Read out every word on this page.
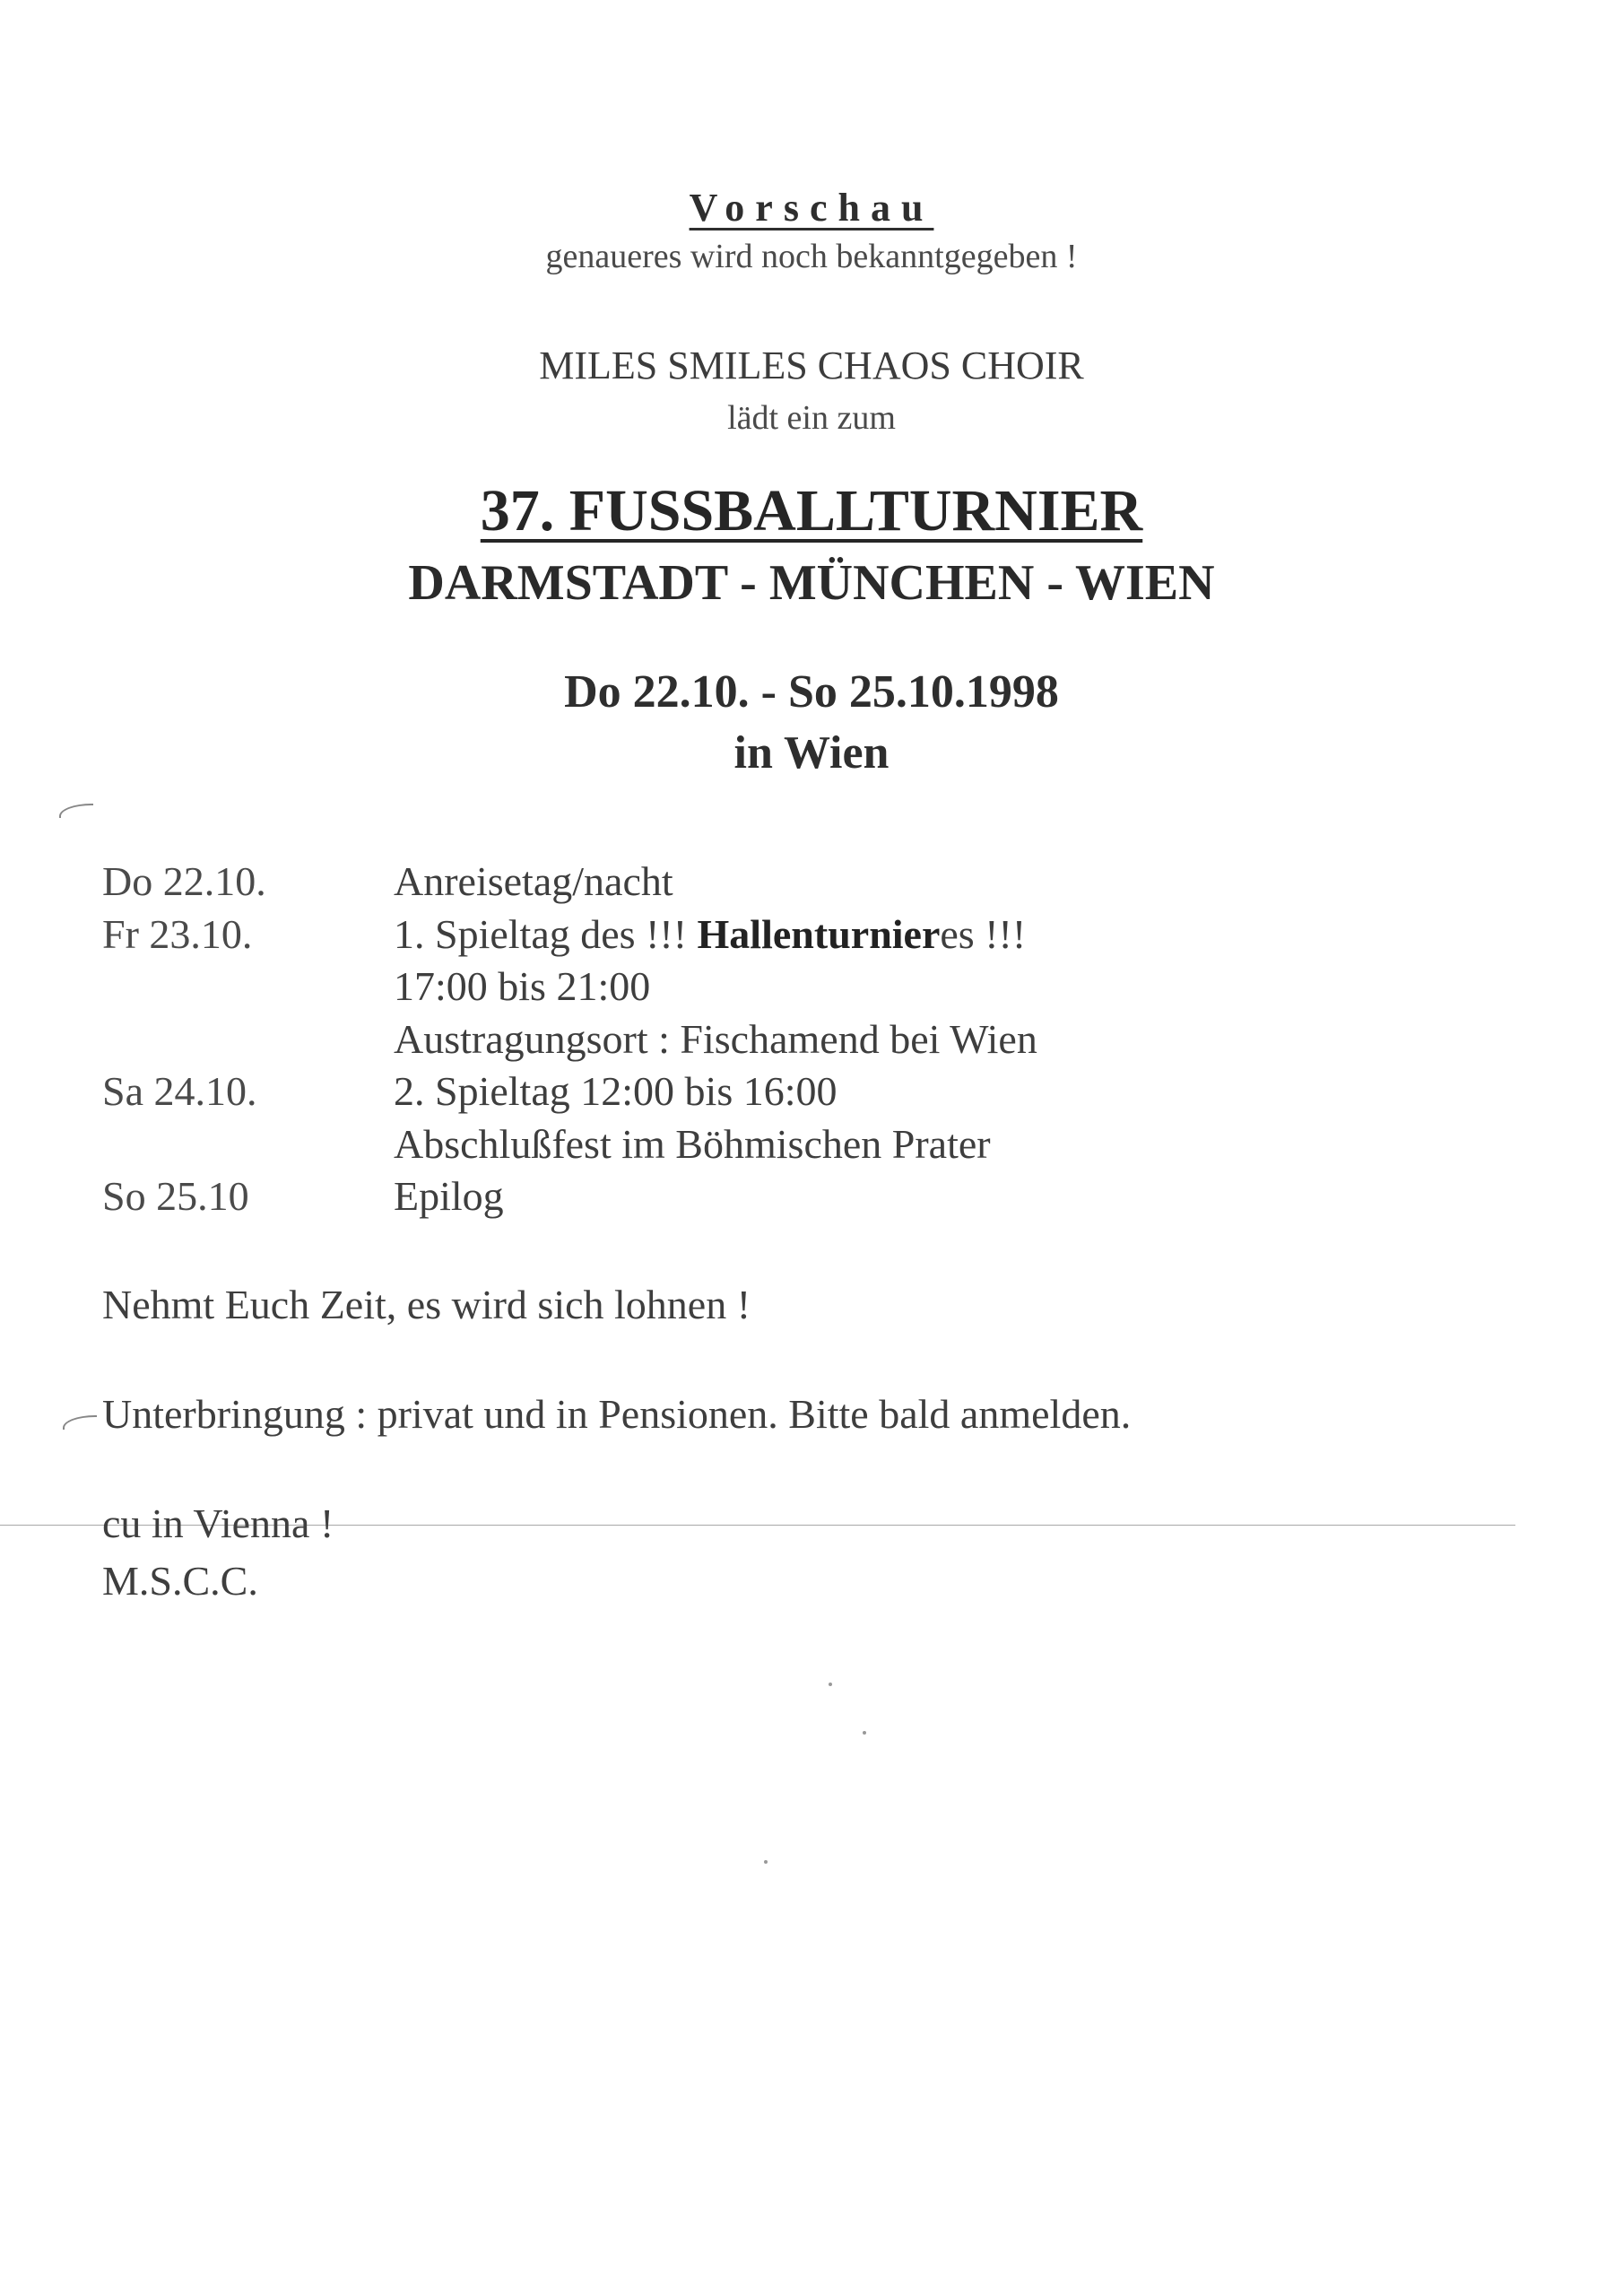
Vorschau
genaueres wird noch bekanntgegeben !
MILES SMILES CHAOS CHOIR
lädt ein zum
37. FUSSBALLTURNIER
DARMSTADT - MÜNCHEN - WIEN
Do 22.10. - So 25.10.1998
in Wien
Do 22.10.	Anreisetag/nacht
Fr 23.10.	1. Spieltag des !!! Hallenturnieres !!!
17:00 bis 21:00
Austragungsort : Fischamend bei Wien
Sa 24.10.	2. Spieltag 12:00 bis 16:00
Abschlußfest im Böhmischen Prater
So 25.10	Epilog
Nehmt Euch Zeit, es wird sich lohnen !
Unterbringung : privat und in Pensionen. Bitte bald anmelden.
cu in Vienna !
M.S.C.C.
